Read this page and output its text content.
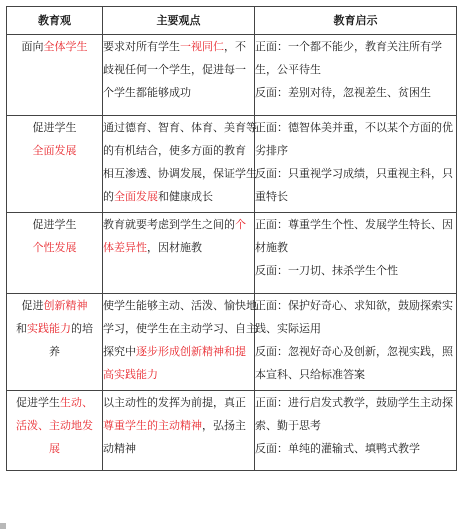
教育观	主要观点	教育启示
面向全体学生	要求对所有学生一视同仁，不
歧视任何一个学生，促进每一
个学生都能够成功	正面：一个都不能少，教育关注所有学
生，公平待生
反面：差别对待，忽视差生、贫困生

促进学生
全面发展	通过德育、智育、体育、美育等
的有机结合，使多方面的教育
相互渗透、协调发展，保证学生
的全面发展和健康成长	正面：德智体美并重，不以某个方面的优
劣排序
反面：只重视学习成绩，只重视主科，只
重特长

促进学生
个性发展	教育就要考虑到学生之间的个
体差异性，因材施教	正面：尊重学生个性、发展学生特长、因
材施教
反面：一刀切、抹杀学生个性

促进创新精神
和实践能力的培
养	使学生能够主动、活泼、愉快地
学习，使学生在主动学习、自主
探究中逐步形成创新精神和提
高实践能力	正面：保护好奇心、求知欲，鼓励探索实
践、实际运用
反面：忽视好奇心及创新，忽视实践，照
本宣科、只给标准答案

促进学生生动、
活泼、主动地发
展	以主动性的发挥为前提，真正
尊重学生的主动精神，弘扬主
动精神	正面：进行启发式教学，鼓励学生主动探
索、勤于思考
反面：单纯的灌输式、填鸭式教学
